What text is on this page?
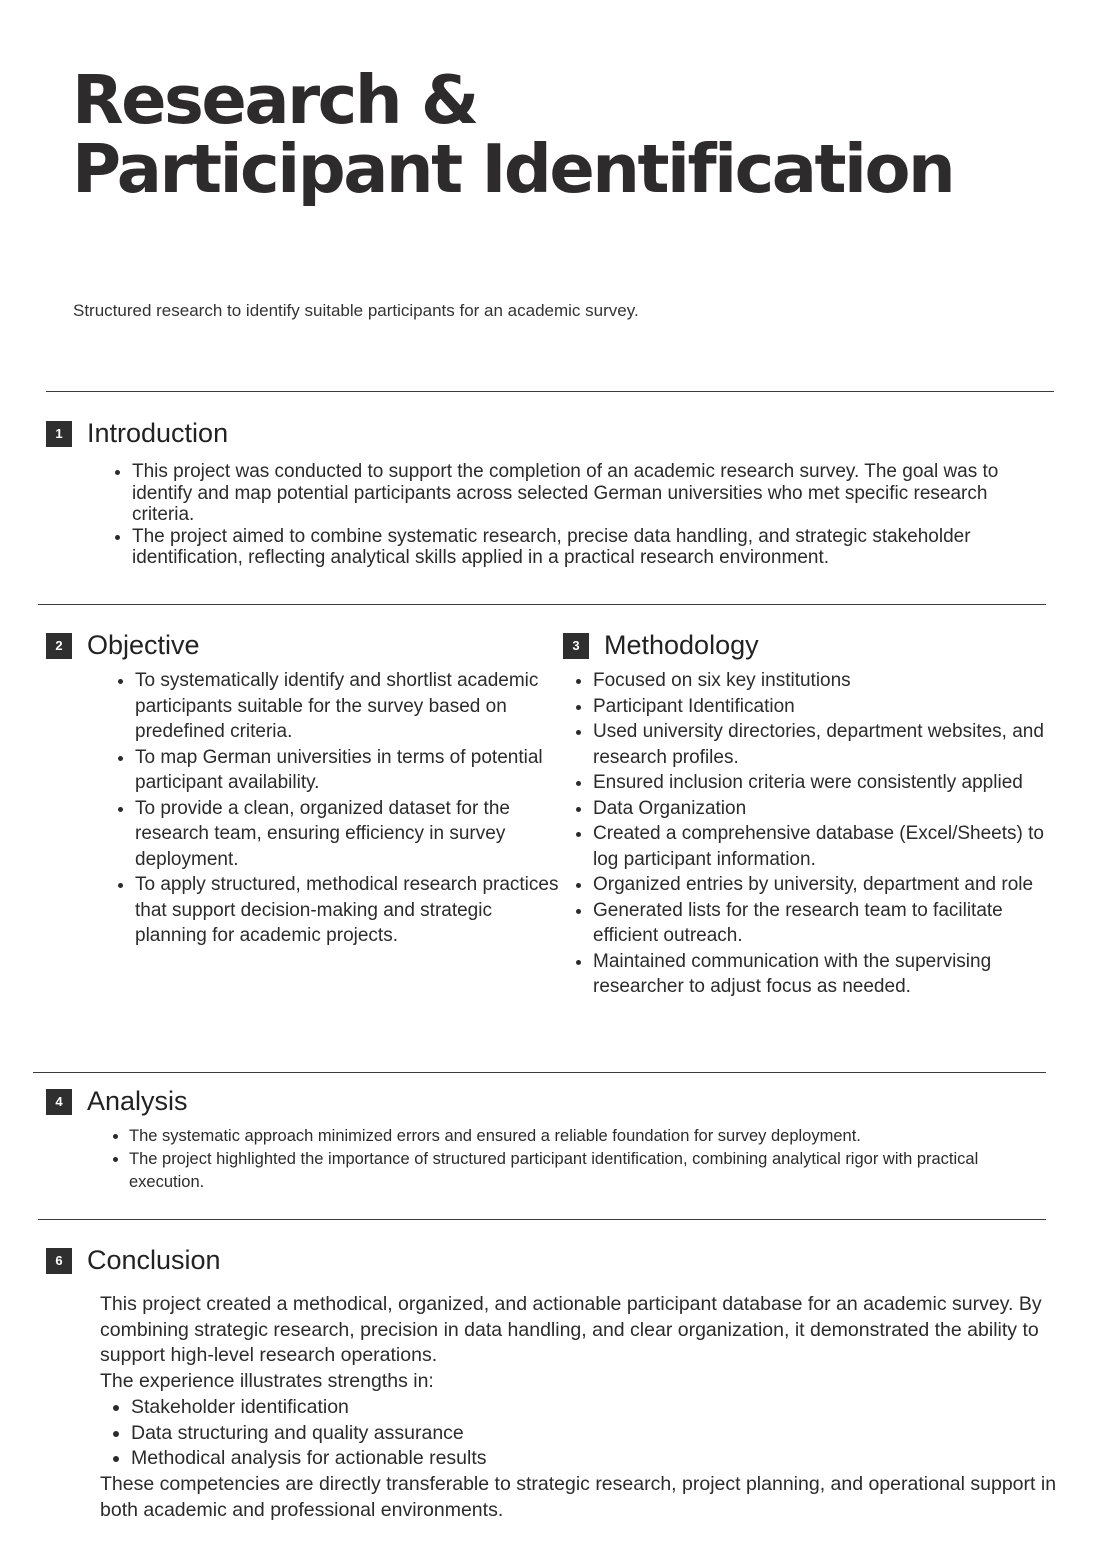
Research &
Participant Identification

Structured research to identify suitable participants for an academic survey.

1 Introduction
• This project was conducted to support the completion of an academic research survey. The goal was to identify and map potential participants across selected German universities who met specific research criteria.
• The project aimed to combine systematic research, precise data handling, and strategic stakeholder identification, reflecting analytical skills applied in a practical research environment.
2 Objective
• To systematically identify and shortlist academic participants suitable for the survey based on predefined criteria.
• To map German universities in terms of potential participant availability.
• To provide a clean, organized dataset for the research team, ensuring efficiency in survey deployment.
• To apply structured, methodical research practices that support decision-making and strategic planning for academic projects.
3 Methodology
• Focused on six key institutions
• Participant Identification
• Used university directories, department websites, and research profiles.
• Ensured inclusion criteria were consistently applied
• Data Organization
• Created a comprehensive database (Excel/Sheets) to log participant information.
• Organized entries by university, department and role
• Generated lists for the research team to facilitate efficient outreach.
• Maintained communication with the supervising researcher to adjust focus as needed.
4 Analysis
• The systematic approach minimized errors and ensured a reliable foundation for survey deployment.
• The project highlighted the importance of structured participant identification, combining analytical rigor with practical execution.
6 Conclusion

This project created a methodical, organized, and actionable participant database for an academic survey. By combining strategic research, precision in data handling, and clear organization, it demonstrated the ability to support high-level research operations.

The experience illustrates strengths in:

• Stakeholder identification
• Data structuring and quality assurance
• Methodical analysis for actionable results

These competencies are directly transferable to strategic research, project planning, and operational support in both academic and professional environments.
